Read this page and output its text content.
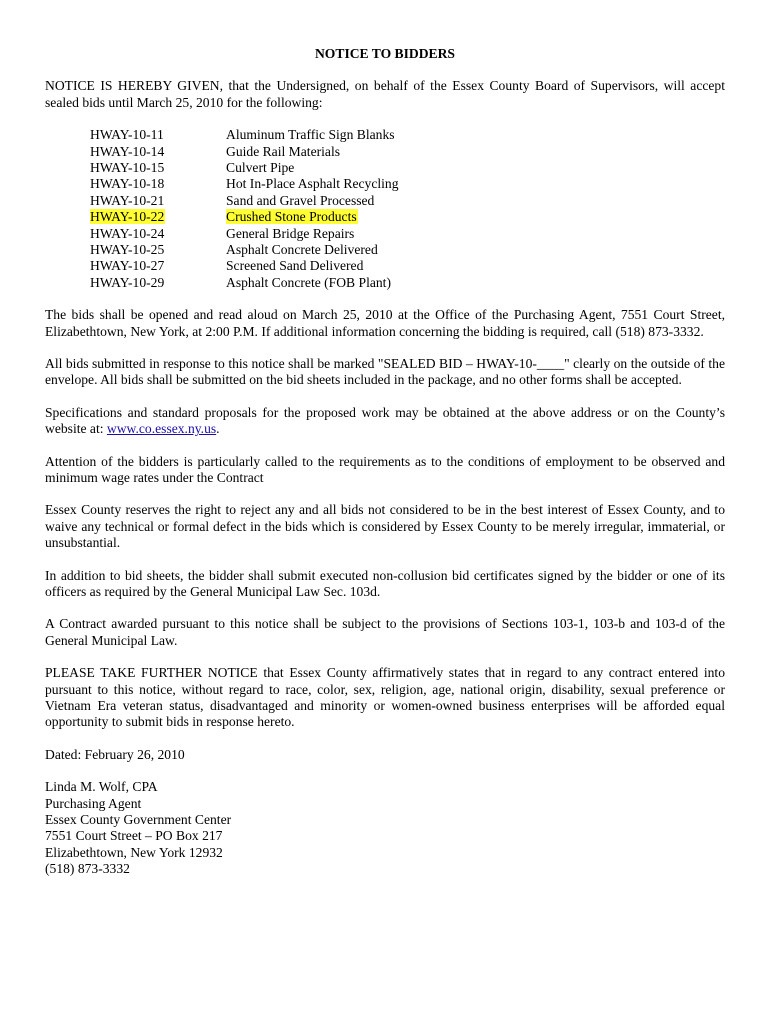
NOTICE TO BIDDERS

NOTICE IS HEREBY GIVEN, that the Undersigned, on behalf of the Essex County Board of Supervisors, will accept sealed bids until March 25, 2010 for the following:

HWAY-10-11	Aluminum Traffic Sign Blanks
HWAY-10-14	Guide Rail Materials
HWAY-10-15	Culvert Pipe
HWAY-10-18	Hot In-Place Asphalt Recycling
HWAY-10-21	Sand and Gravel Processed
HWAY-10-22	Crushed Stone Products
HWAY-10-24	General Bridge Repairs
HWAY-10-25	Asphalt Concrete Delivered
HWAY-10-27	Screened Sand Delivered
HWAY-10-29	Asphalt Concrete (FOB Plant)

The bids shall be opened and read aloud on March 25, 2010 at the Office of the Purchasing Agent, 7551 Court Street, Elizabethtown, New York, at 2:00 P.M. If additional information concerning the bidding is required, call (518) 873-3332.

All bids submitted in response to this notice shall be marked "SEALED BID – HWAY-10-____" clearly on the outside of the envelope. All bids shall be submitted on the bid sheets included in the package, and no other forms shall be accepted.

Specifications and standard proposals for the proposed work may be obtained at the above address or on the County’s website at: www.co.essex.ny.us.

Attention of the bidders is particularly called to the requirements as to the conditions of employment to be observed and minimum wage rates under the Contract

Essex County reserves the right to reject any and all bids not considered to be in the best interest of Essex County, and to waive any technical or formal defect in the bids which is considered by Essex County to be merely irregular, immaterial, or unsubstantial.

In addition to bid sheets, the bidder shall submit executed non-collusion bid certificates signed by the bidder or one of its officers as required by the General Municipal Law Sec. 103d.

A Contract awarded pursuant to this notice shall be subject to the provisions of Sections 103-1, 103-b and 103-d of the General Municipal Law.

PLEASE TAKE FURTHER NOTICE that Essex County affirmatively states that in regard to any contract entered into pursuant to this notice, without regard to race, color, sex, religion, age, national origin, disability, sexual preference or Vietnam Era veteran status, disadvantaged and minority or women-owned business enterprises will be afforded equal opportunity to submit bids in response hereto.

Dated: February 26, 2010

Linda M. Wolf, CPA
Purchasing Agent
Essex County Government Center
7551 Court Street – PO Box 217
Elizabethtown, New York 12932
(518) 873-3332
